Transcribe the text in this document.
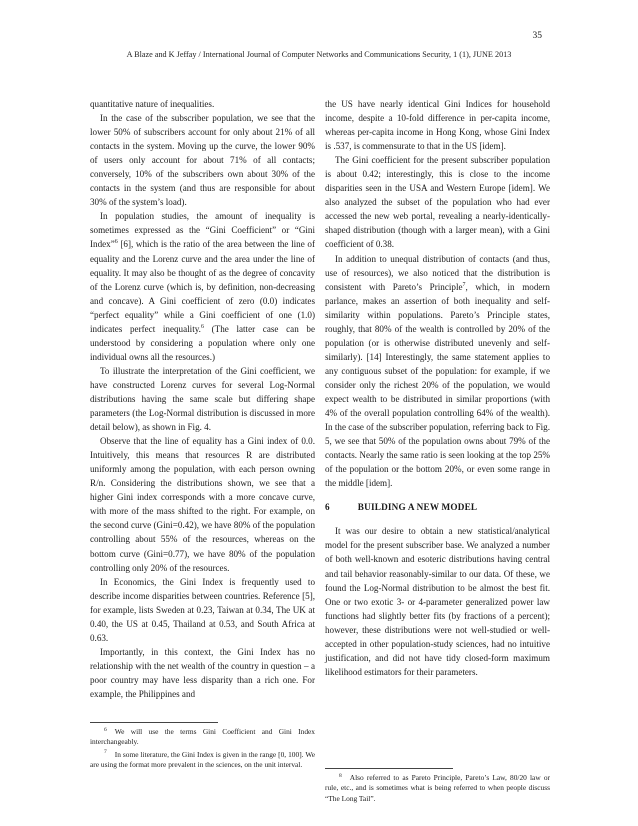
35
A Blaze and K Jeffay / International Journal of Computer Networks and Communications Security, 1 (1), JUNE 2013

quantitative nature of inequalities.

In the case of the subscriber population, we see that the lower 50% of subscribers account for only about 21% of all contacts in the system. Moving up the curve, the lower 90% of users only account for about 71% of all contacts; conversely, 10% of the subscribers own about 30% of the contacts in the system (and thus are responsible for about 30% of the system’s load).

In population studies, the amount of inequality is sometimes expressed as the “Gini Coefficient” or “Gini Index”$^6$ [6], which is the ratio of the area between the line of equality and the Lorenz curve and the area under the line of equality. It may also be thought of as the degree of concavity of the Lorenz curve (which is, by definition, non-decreasing and concave). A Gini coefficient of zero (0.0) indicates “perfect equality” while a Gini coefficient of one (1.0) indicates perfect inequality.$^6$ (The latter case can be understood by considering a population where only one individual owns all the resources.)

To illustrate the interpretation of the Gini coefficient, we have constructed Lorenz curves for several Log-Normal distributions having the same scale but differing shape parameters (the Log-Normal distribution is discussed in more detail below), as shown in Fig. 4.

Observe that the line of equality has a Gini index of 0.0. Intuitively, this means that resources R are distributed uniformly among the population, with each person owning R/n. Considering the distributions shown, we see that a higher Gini index corresponds with a more concave curve, with more of the mass shifted to the right. For example, on the second curve (Gini=0.42), we have 80% of the population controlling about 55% of the resources, whereas on the bottom curve (Gini=0.77), we have 80% of the population controlling only 20% of the resources.

In Economics, the Gini Index is frequently used to describe income disparities between countries. Reference [5], for example, lists Sweden at 0.23, Taiwan at 0.34, The UK at 0.40, the US at 0.45, Thailand at 0.53, and South Africa at 0.63.

Importantly, in this context, the Gini Index has no relationship with the net wealth of the country in question – a poor country may have less disparity than a rich one. For example, the Philippines and

$^6$ We will use the terms Gini Coefficient and Gini Index interchangeably.

$^7$ In some literature, the Gini Index is given in the range [0, 100]. We are using the format more prevalent in the sciences, on the unit interval.

the US have nearly identical Gini Indices for household income, despite a 10-fold difference in per-capita income, whereas per-capita income in Hong Kong, whose Gini Index is .537, is commensurate to that in the US [idem].

The Gini coefficient for the present subscriber population is about 0.42; interestingly, this is close to the income disparities seen in the USA and Western Europe [idem]. We also analyzed the subset of the population who had ever accessed the new web portal, revealing a nearly-identically-shaped distribution (though with a larger mean), with a Gini coefficient of 0.38.

In addition to unequal distribution of contacts (and thus, use of resources), we also noticed that the distribution is consistent with Pareto’s Principle$^7$, which, in modern parlance, makes an assertion of both inequality and self-similarity within populations. Pareto’s Principle states, roughly, that 80% of the wealth is controlled by 20% of the population (or is otherwise distributed unevenly and self-similarly). [14] Interestingly, the same statement applies to any contiguous subset of the population: for example, if we consider only the richest 20% of the population, we would expect wealth to be distributed in similar proportions (with 4% of the overall population controlling 64% of the wealth). In the case of the subscriber population, referring back to Fig. 5, we see that 50% of the population owns about 79% of the contacts. Nearly the same ratio is seen looking at the top 25% of the population or the bottom 20%, or even some range in the middle [idem].

6	BUILDING A NEW MODEL

It was our desire to obtain a new statistical/analytical model for the present subscriber base. We analyzed a number of both well-known and esoteric distributions having central and tail behavior reasonably-similar to our data. Of these, we found the Log-Normal distribution to be almost the best fit. One or two exotic 3- or 4-parameter generalized power law functions had slightly better fits (by fractions of a percent); however, these distributions were not well-studied or well-accepted in other population-study sciences, had no intuitive justification, and did not have tidy closed-form maximum likelihood estimators for their parameters.

$^8$ Also referred to as Pareto Principle, Pareto’s Law, 80/20 law or rule, etc., and is sometimes what is being referred to when people discuss “The Long Tail”.
